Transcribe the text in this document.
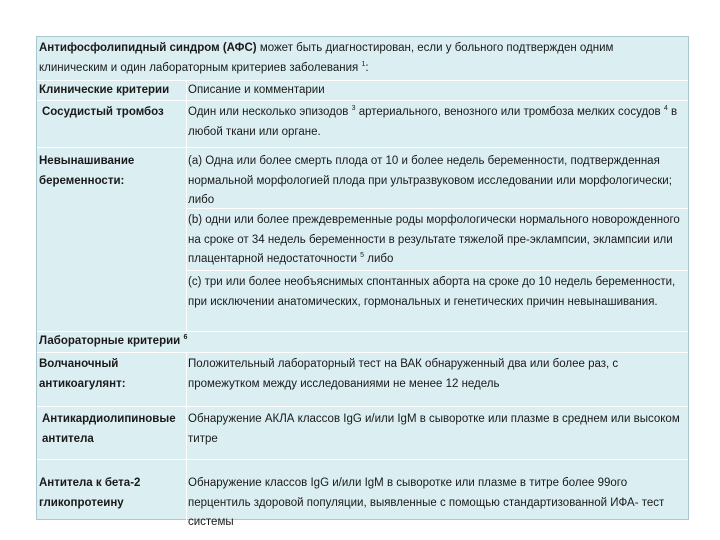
Антифосфолипидный синдром (АФС) может быть диагностирован, если у больного подтвержден одним клиническим и один лабораторным критериев заболевания $^1$:
Клинические критерии	Описание и комментарии
Сосудистый тромбоз	Один или несколько эпизодов $^3$ артериального, венозного или тромбоза мелких сосудов $^4$ в любой ткани или органе.
Невынашивание беременности:
(a) Одна или более смерть плода от 10 и более недель беременности, подтвержденная нормальной морфологией плода при ультразвуковом исследовании или морфологически; либо
(b) одни или более преждевременные роды морфологически нормального новорожденного на сроке от 34 недель беременности в результате тяжелой пре-эклампсии, эклампсии или плацентарной недостаточности $^5$ либо
(c) три или более необъяснимых спонтанных аборта на сроке до 10 недель беременности, при исключении анатомических, гормональных и генетических причин невынашивания.
Лабораторные критерии $^6$
Волчаночный антикоагулянт:
Положительный лабораторный тест на ВАК обнаруженный два или более раз, с промежутком между исследованиями не менее 12 недель
Антикардиолипиновые антитела
Обнаружение АКЛА классов IgG и/или IgM в сыворотке или плазме в среднем или высоком титре
Антитела к бета-2 гликопротеину
Обнаружение классов IgG и/или IgM в сыворотке или плазме в титре более 99ого перцентиль здоровой популяции, выявленные с помощью стандартизованной ИФА- тест системы
